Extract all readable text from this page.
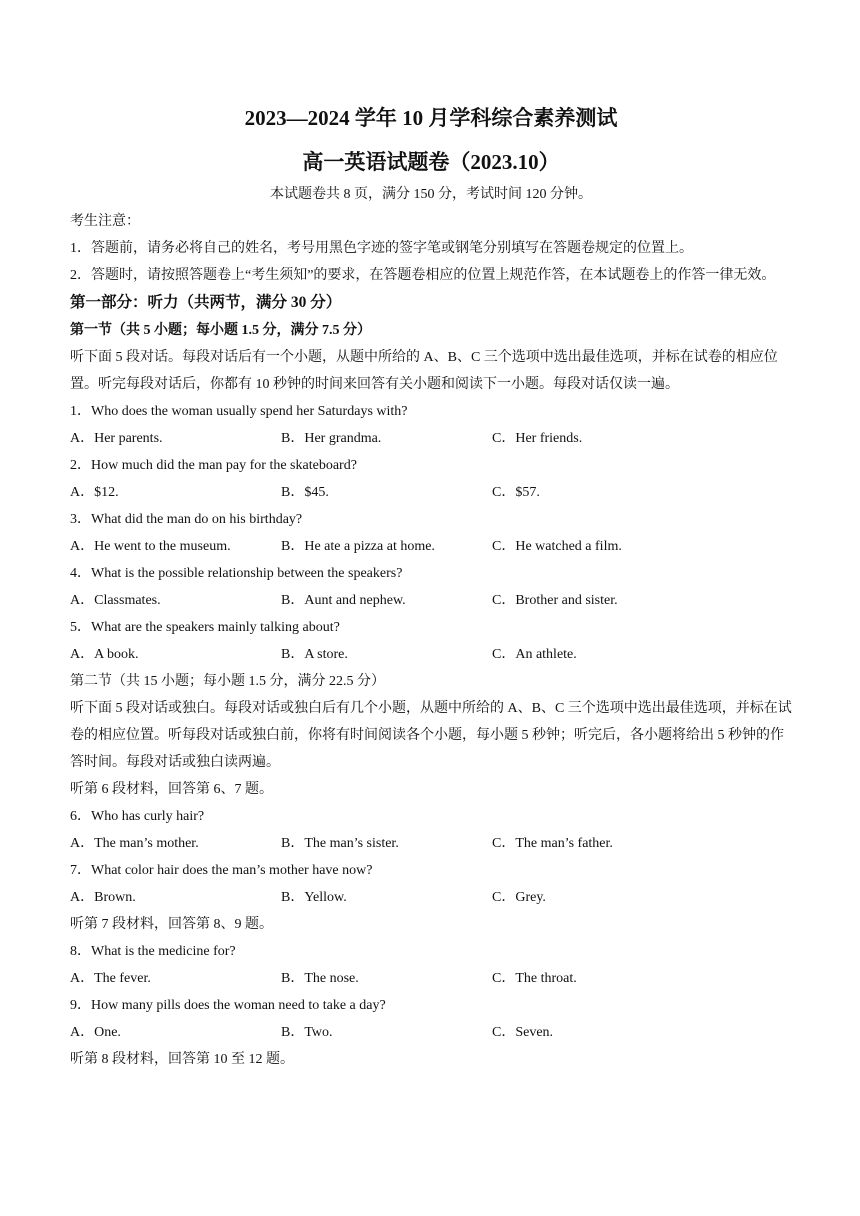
2023—2024 学年 10 月学科综合素养测试
高一英语试题卷（2023.10）
本试题卷共 8 页，满分 150 分，考试时间 120 分钟。
考生注意：
1．答题前，请务必将自己的姓名，考号用黑色字迹的签字笔或钢笔分别填写在答题卷规定的位置上。
2．答题时，请按照答题卷上“考生须知”的要求，在答题卷相应的位置上规范作答，在本试题卷上的作答一律无效。
第一部分：听力（共两节，满分 30 分）
第一节（共 5 小题；每小题 1.5 分，满分 7.5 分）
听下面 5 段对话。每段对话后有一个小题，从题中所给的 A、B、C 三个选项中选出最佳选项，并标在试卷的相应位置。听完每段对话后，你都有 10 秒钟的时间来回答有关小题和阅读下一小题。每段对话仅读一遍。
1．Who does the woman usually spend her Saturdays with?
A．Her parents.	B．Her grandma.	C．Her friends.
2．How much did the man pay for the skateboard?
A．$12.	B．$45.	C．$57.
3．What did the man do on his birthday?
A．He went to the museum.	B．He ate a pizza at home.	C．He watched a film.
4．What is the possible relationship between the speakers?
A．Classmates.	B．Aunt and nephew.	C．Brother and sister.
5．What are the speakers mainly talking about?
A．A book.	B．A store.	C．An athlete.
第二节（共 15 小题；每小题 1.5 分，满分 22.5 分）
听下面 5 段对话或独白。每段对话或独白后有几个小题，从题中所给的 A、B、C 三个选项中选出最佳选项，并标在试卷的相应位置。听每段对话或独白前，你将有时间阅读各个小题，每小题 5 秒钟；听完后，各小题将给出 5 秒钟的作答时间。每段对话或独白读两遍。
听第 6 段材料，回答第 6、7 题。
6．Who has curly hair?
A．The man’s mother.	B．The man’s sister.	C．The man’s father.
7．What color hair does the man’s mother have now?
A．Brown.	B．Yellow.	C．Grey.
听第 7 段材料，回答第 8、9 题。
8．What is the medicine for?
A．The fever.	B．The nose.	C．The throat.
9．How many pills does the woman need to take a day?
A．One.	B．Two.	C．Seven.
听第 8 段材料，回答第 10 至 12 题。
